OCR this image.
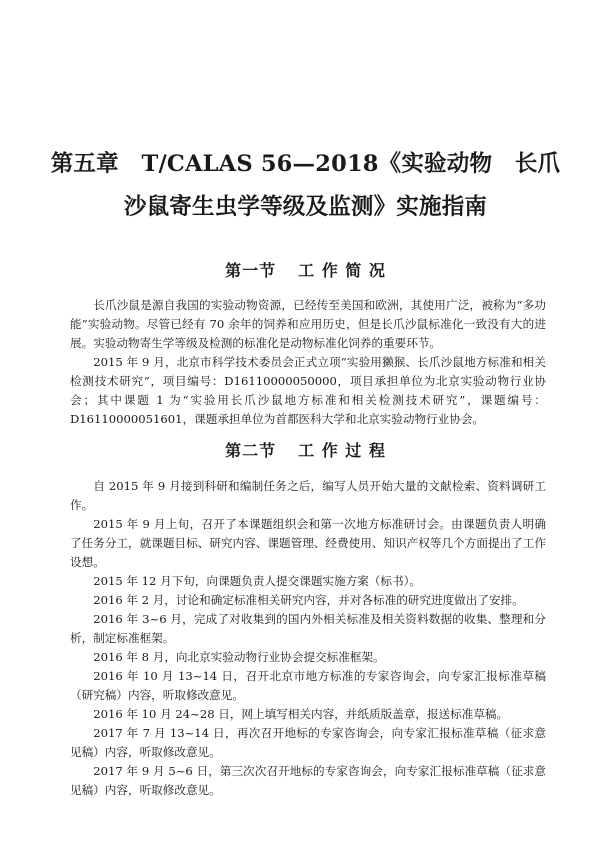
第五章　T/CALAS 56—2018《实验动物　长爪
沙鼠寄生虫学等级及监测》实施指南
第一节 工 作 简 况

长爪沙鼠是源自我国的实验动物资源，已经传至美国和欧洲，其使用广泛，被称为“多功能”实验动物。尽管已经有 70 余年的饲养和应用历史，但是长爪沙鼠标准化一致没有大的进展。实验动物寄生学等级及检测的标准化是动物标准化饲养的重要环节。

2015 年 9 月，北京市科学技术委员会正式立项“实验用獭猴、长爪沙鼠地方标准和相关检测技术研究”，项目编号：D16110000050000，项目承担单位为北京实验动物行业协会；其中课题 1 为“实验用长爪沙鼠地方标准和相关检测技术研究”，课题编号：D16110000051601，课题承担单位为首都医科大学和北京实验动物行业协会。

第二节 工 作 过 程

自 2015 年 9 月接到科研和编制任务之后，编写人员开始大量的文献检索、资料调研工作。

2015 年 9 月上旬，召开了本课题组织会和第一次地方标准研讨会。由课题负责人明确了任务分工，就课题目标、研究内容、课题管理、经费使用、知识产权等几个方面提出了工作设想。

2015 年 12 月下旬，向课题负责人提交课题实施方案（标书）。

2016 年 2 月，讨论和确定标准相关研究内容，并对各标准的研究进度做出了安排。

2016 年 3~6 月，完成了对收集到的国内外相关标准及相关资料数据的收集、整理和分析，制定标准框架。

2016 年 8 月，向北京实验动物行业协会提交标准框架。

2016 年 10 月 13~14 日，召开北京市地方标准的专家咨询会，向专家汇报标准草稿（研究稿）内容，听取修改意见。

2016 年 10 月 24~28 日，网上填写相关内容，并纸质版盖章，报送标准草稿。

2017 年 7 月 13~14 日，再次召开地标的专家咨询会，向专家汇报标准草稿（征求意见稿）内容，听取修改意见。

2017 年 9 月 5~6 日，第三次次召开地标的专家咨询会，向专家汇报标准草稿（征求意见稿）内容，听取修改意见。
